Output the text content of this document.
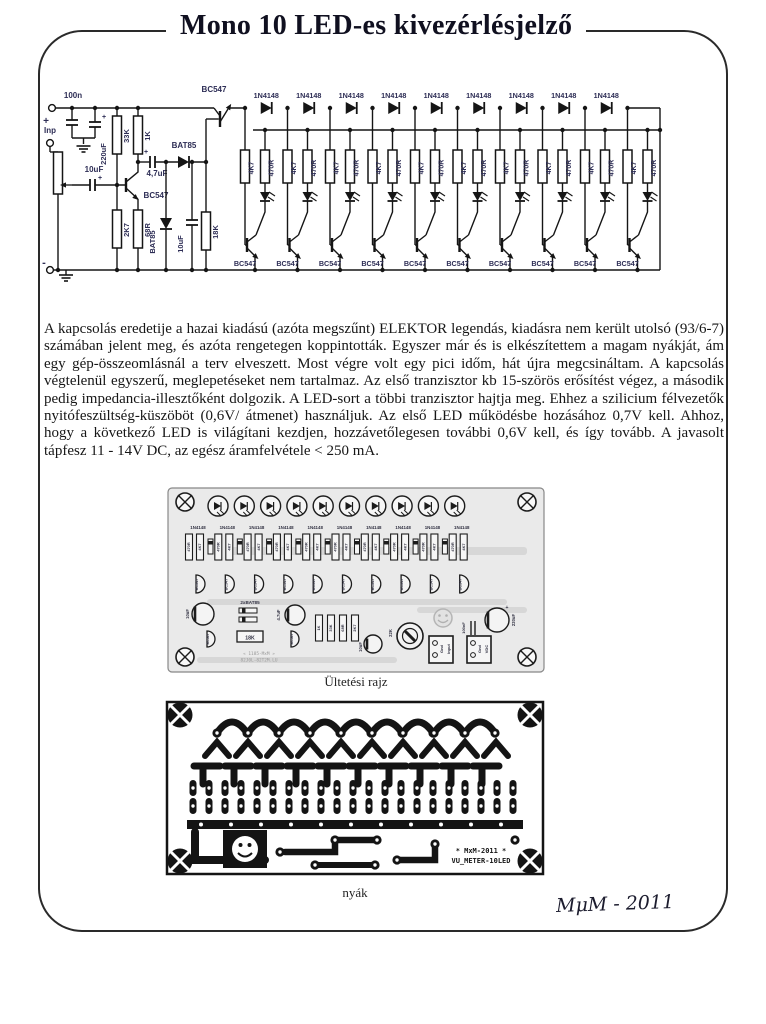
Mono 10 LED-es kivezérlésjelző
+
-
+
100n
220uF
33K 1K
2K7
Inp
10uF
+
68R
BC547
+
4,7uF
BAT85
BAT85	10uF
18K
BC547
4K7 470R
BC547
1N4148
4K7 470R
BC547
1N4148
4K7 470R
BC547
1N4148
4K7 470R
BC547
1N4148
4K7 470R
BC547
1N4148
4K7 470R
BC547
1N4148
4K7 470R
BC547
1N4148
4K7 470R
BC547
1N4148
4K7 470R
BC547
1N4148
4K7 470R
BC547
A kapcsolás eredetije a hazai kiadású (azóta megszűnt) ELEKTOR legendás, kiadásra nem került utolsó (93/6-7) számában jelent meg, és azóta rengetegen koppintották. Egyszer már és is elkészítettem a magam nyákját, ám egy gép-összeomlásnál a terv elveszett. Most végre volt egy pici időm, hát újra megcsináltam. A kapcsolás végtelenül egyszerű, meglepetéseket nem tartalmaz. Az első tranzisztor kb 15-szörös erősítést végez, a második pedig impedancia-illesztőként dolgozik. A LED-sort a többi tranzisztor hajtja meg. Ehhez a szilicium félvezetők nyitófeszültség-küszöböt (0,6V/ átmenet) használjuk. Az első LED működésbe hozásához 0,7V kell. Ahhoz, hogy a következő LED is világítani kezdjen, hozzávetőlegesen további 0,6V kell, és így tovább. A javasolt tápfesz 11 - 14V DC, az egész áramfelvétele < 250 mA.
1N4148
470R 4K7
BC547
1N4148
470R 4K7
BC547
1N4148
470R 4K7
BC547
1N4148
470R 4K7
BC547
1N4148
470R 4K7
BC547
1N4148
470R 4K7
BC547
1N4148
470R 4K7
BC547
1N4148
470R 4K7
BC547
1N4148
470R 4K7
BC547
1N4148
470R 4K7
BC547
10uF
BC547
2xBAT85
18K
4.7uF
BC547
1K 33K 68R 2K7
10uF
22K	100nF
+
220uF
Gnd Input	Gnd VDC
« 1185-MxM »
82J0L-82T2M.LU
Ültetési rajz
* MxM-2011 *
VU_METER-10LED
nyák	MμM - 2011
